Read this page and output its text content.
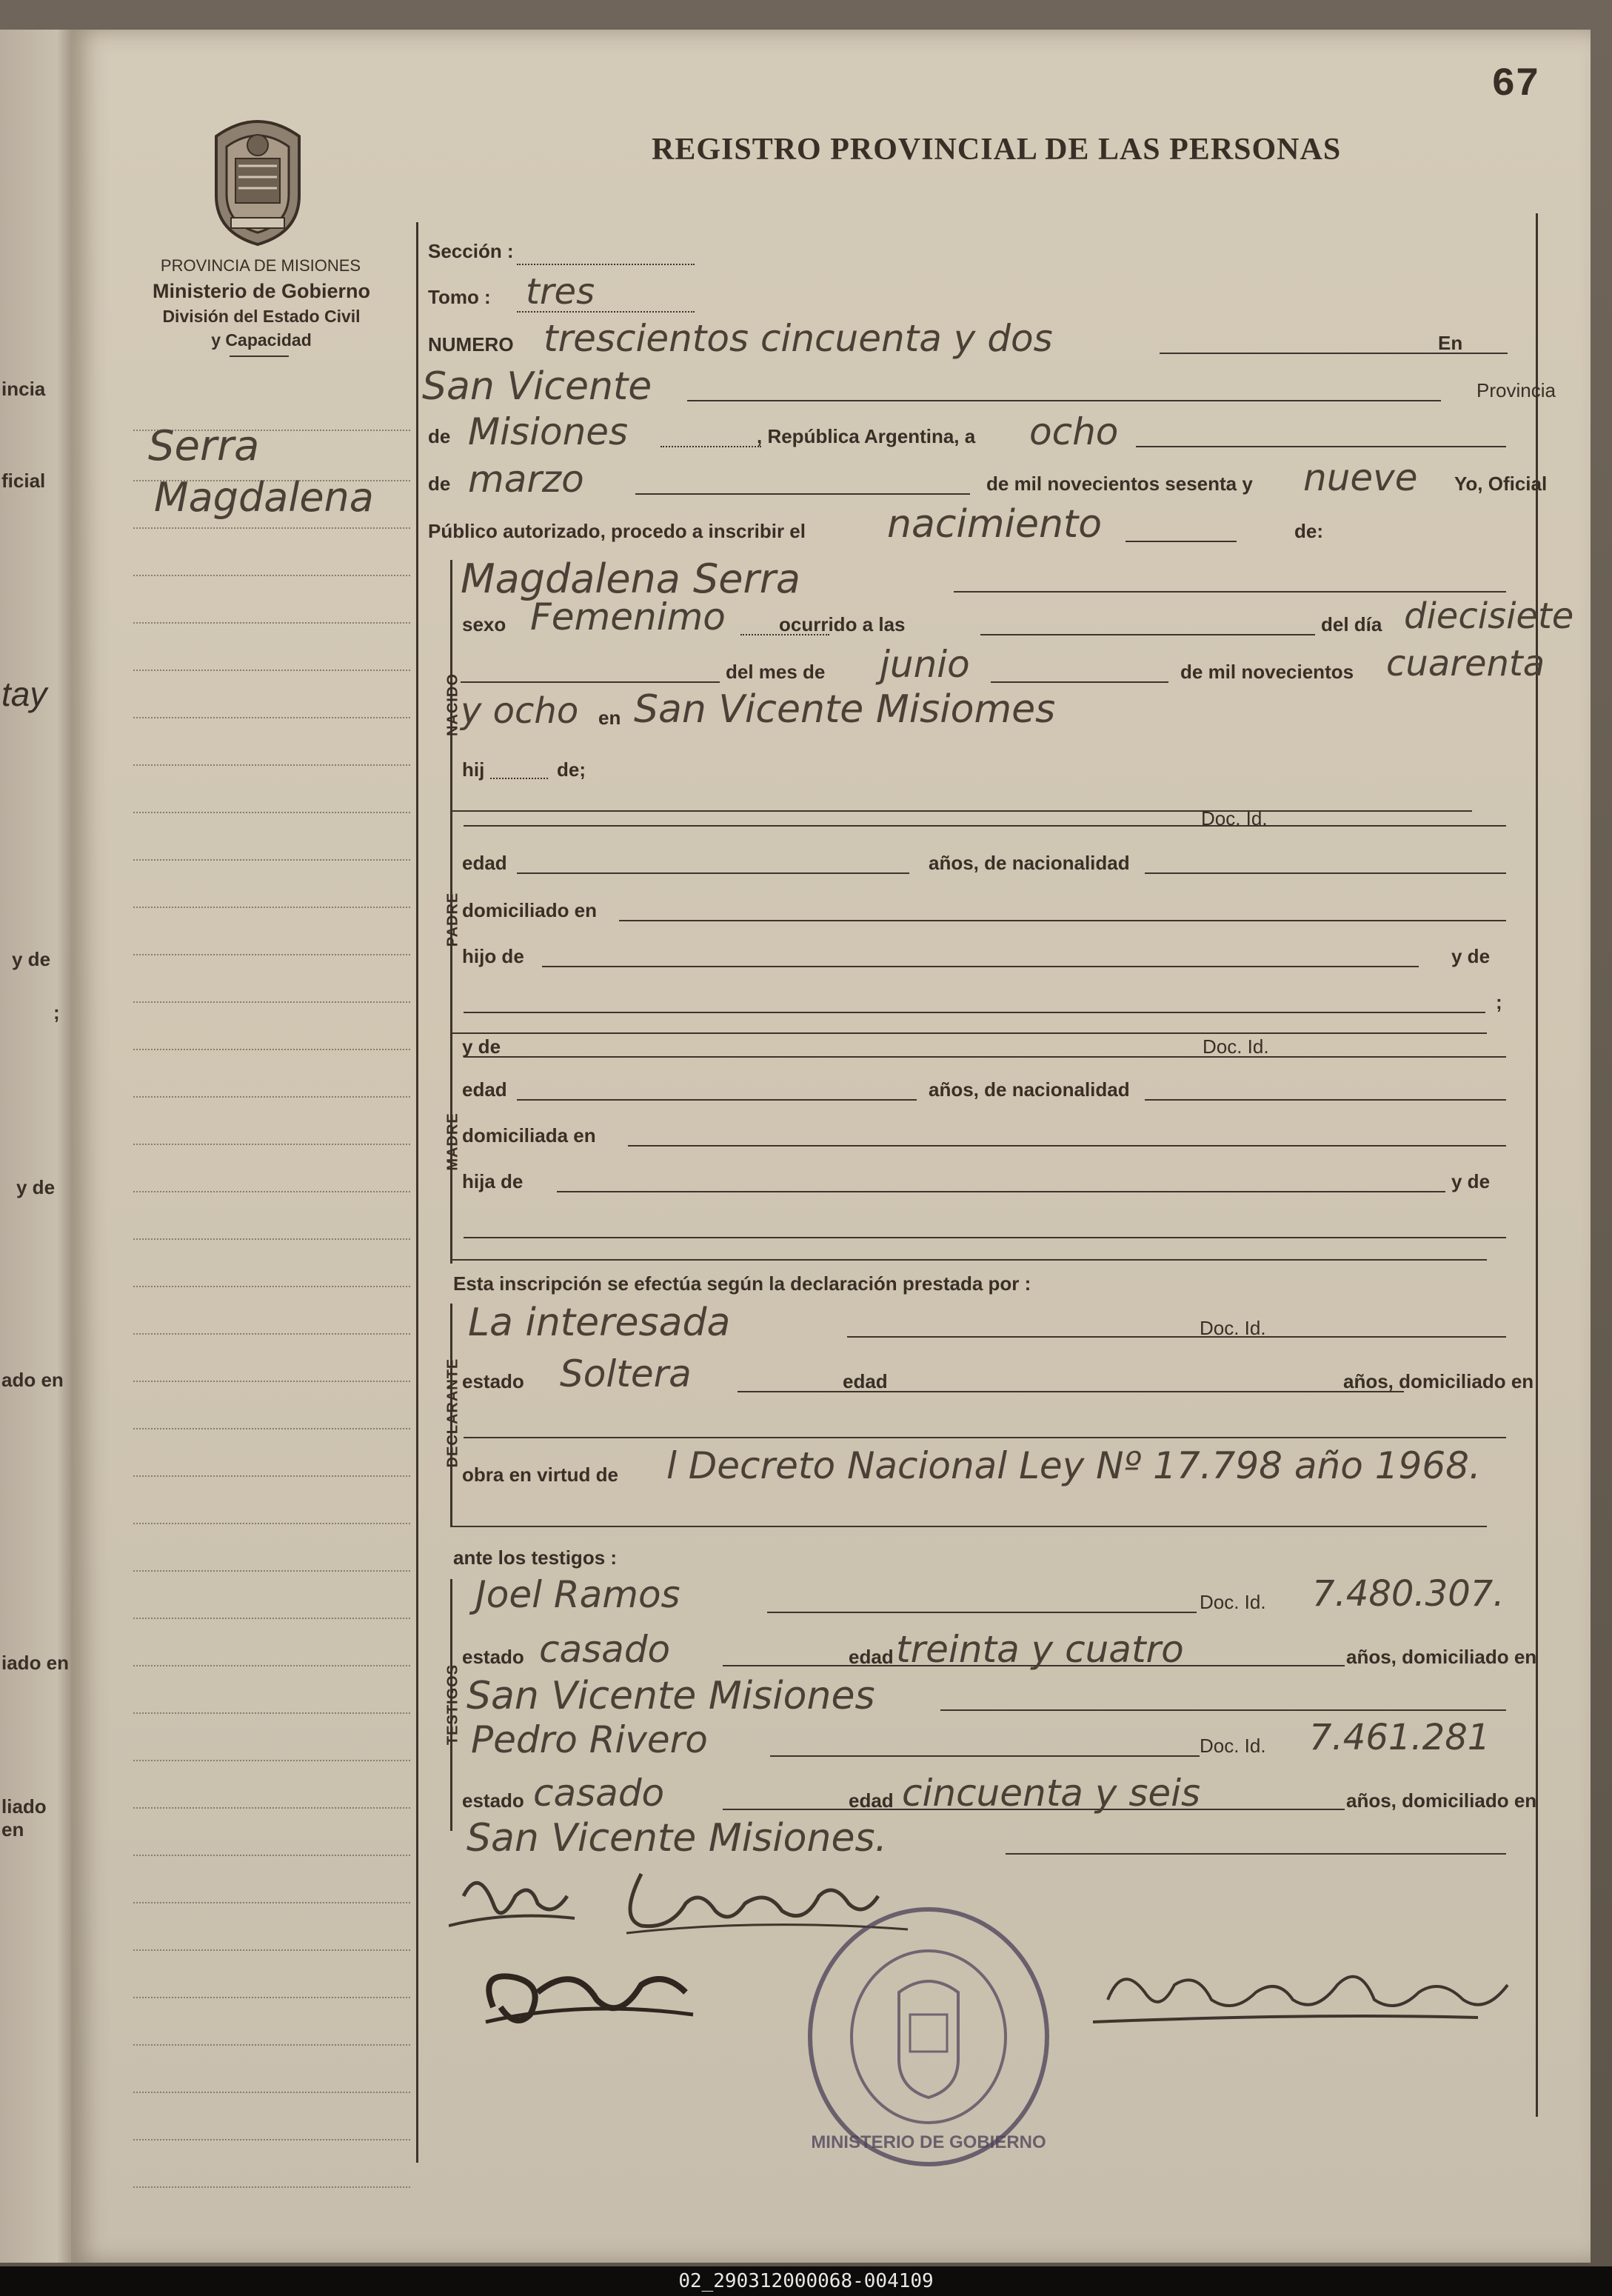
incia
ficial
tay
y de
;
y de
ado en
iado en
liado en
67
REGISTRO PROVINCIAL DE LAS PERSONAS
PROVINCIA DE MISIONES
Ministerio de Gobierno
División del Estado Civil
y Capacidad
Serra
Magdalena
Sección :
Tomo : tres
NUMERO trescientos cincuenta y dos	En
San Vicente	Provincia
de Misiones	, República Argentina, a ocho
de marzo	de mil novecientos sesenta y nueve Yo, Oficial
Público autorizado, procedo a inscribir el nacimiento	de:
NACIDO
Magdalena Serra
sexo Femenimo	ocurrido a las	del día diecisiete
del mes de junio	de mil novecientos cuarenta
y ocho en San Vicente Misiomes
hij	de;
PADRE
Doc. Id.
edad	años, de nacionalidad
domiciliado en
hijo de	y de
;
MADRE
y de	Doc. Id.
edad	años, de nacionalidad
domiciliada en
hija de	y de
Esta inscripción se efectúa según la declaración prestada por :
DECLARANTE
La interesada	Doc. Id.
estado Soltera	edad	años, domiciliado en
obra en virtud de l Decreto Nacional Ley Nº 17.798 año 1968.
ante los testigos :
TESTIGOS
Joel Ramos	Doc. Id. 7.480.307.
estado casado	edad treinta y cuatro	años, domiciliado en
San Vicente Misiones
Pedro Rivero	Doc. Id. 7.461.281
estado casado	edad cincuenta y seis	años, domiciliado en
San Vicente Misiones.
MINISTERIO DE GOBIERNO
02_290312000068-004109
